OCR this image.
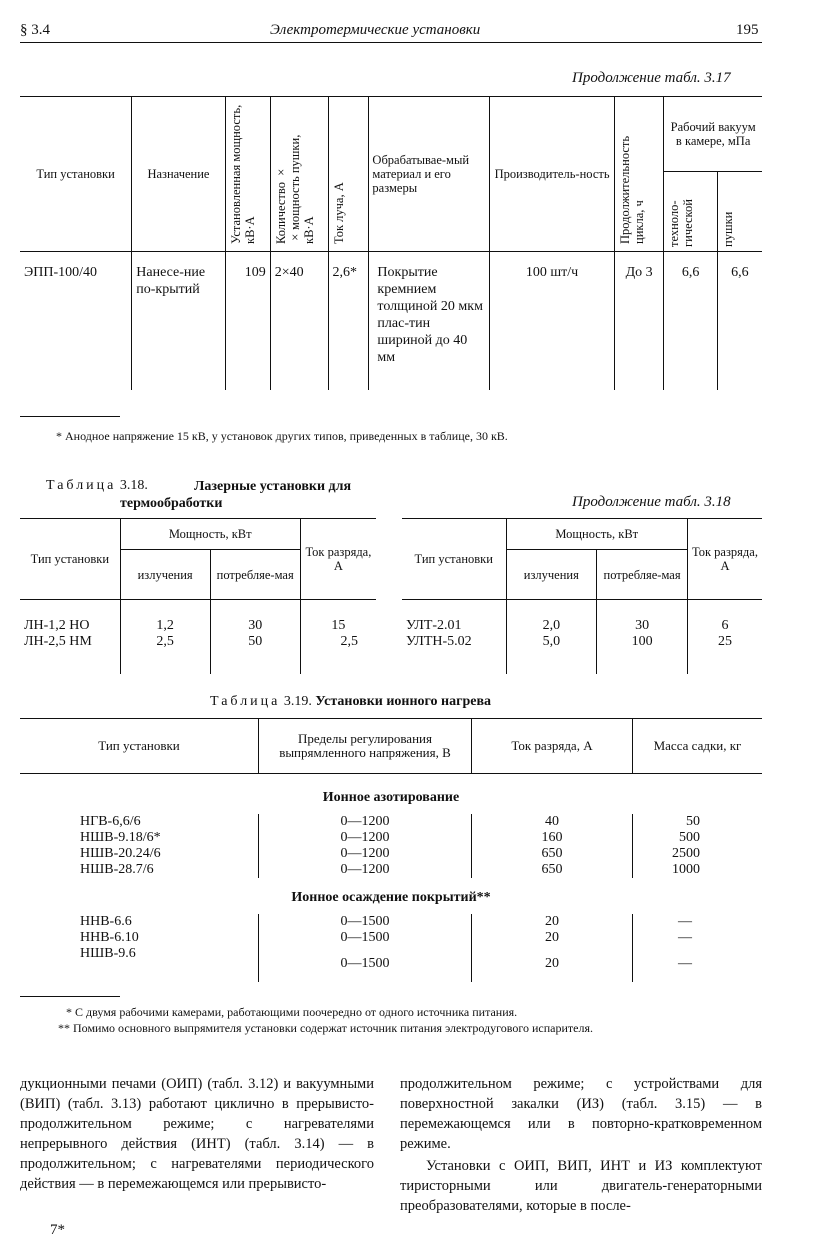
§ 3.4	Электротермические установки	195
Продолжение табл. 3.17
Тип установки	Назначение	Установленная мощность, кВ·А	Количество × ×мощность пушки, кВ·А	Ток луча, А	Обрабатывае-мый материал и его размеры	Производитель-ность	Продолжительность цикла, ч	Рабочий вакуум в камере, мПа	

								техноло-гической	пушки

ЭПП-100/40	Нанесе-ние по-крытий	109	2×40	2,6*	Покрытие кремнием толщиной 20 мкм плас-тин шириной до 40 мм	100 шт/ч	До 3	6,6	6,6
* Анодное напряжение 15 кВ, у установок других типов, приведенных в таблице, 30 кВ.
Таблица 3.18.	Лазерные установки для термообработки	Продолжение табл. 3.18
Тип установки	Мощность, кВт		Ток разряда, А
	излучения	потребляе-мая	
ЛН-1,2 НО	1,2	30	15
ЛН-2,5 НМ	2,5	50	2,5
Тип установки	Мощность, кВт		Ток разряда, А
	излучения	потребляе-мая	
УЛТ-2.01	2,0	30	6
УЛТН-5.02	5,0	100	25
Таблица 3.19. Установки ионного нагрева
Тип установки	Пределы регулирования выпрямленного напряжения, В	Ток разряда, А	Масса садки, кг
Ионное азотирование			
НГВ-6,6/6	0—1200	40	50
НШВ-9.18/6*	0—1200	160	500
НШВ-20.24/6	0—1200	650	2500
НШВ-28.7/6	0—1200	650	1000
Ионное осаждение покрытий**			
ННВ-6.6	0—1500	20	—
ННВ-6.10	0—1500	20	—
НШВ-9.6	0—1500	20	—
* С двумя рабочими камерами, работающими поочередно от одного источника питания.
** Помимо основного выпрямителя установки содержат источник питания электродугового испарителя.
дукционными печами (ОИП) (табл. 3.12) и вакуумными (ВИП) (табл. 3.13) работают циклично в прерывисто-продолжительном режиме; с нагревателями непрерывного действия (ИНТ) (табл. 3.14) — в продолжительном; с нагревателями периодического действия — в перемежающемся или прерывисто-
продолжительном режиме; с устройствами для поверхностной закалки (ИЗ) (табл. 3.15) — в перемежающемся или в повторно-кратковременном режиме.
Установки с ОИП, ВИП, ИНТ и ИЗ комплектуют тиристорными или двигатель-генераторными преобразователями, которые в после-
7*
